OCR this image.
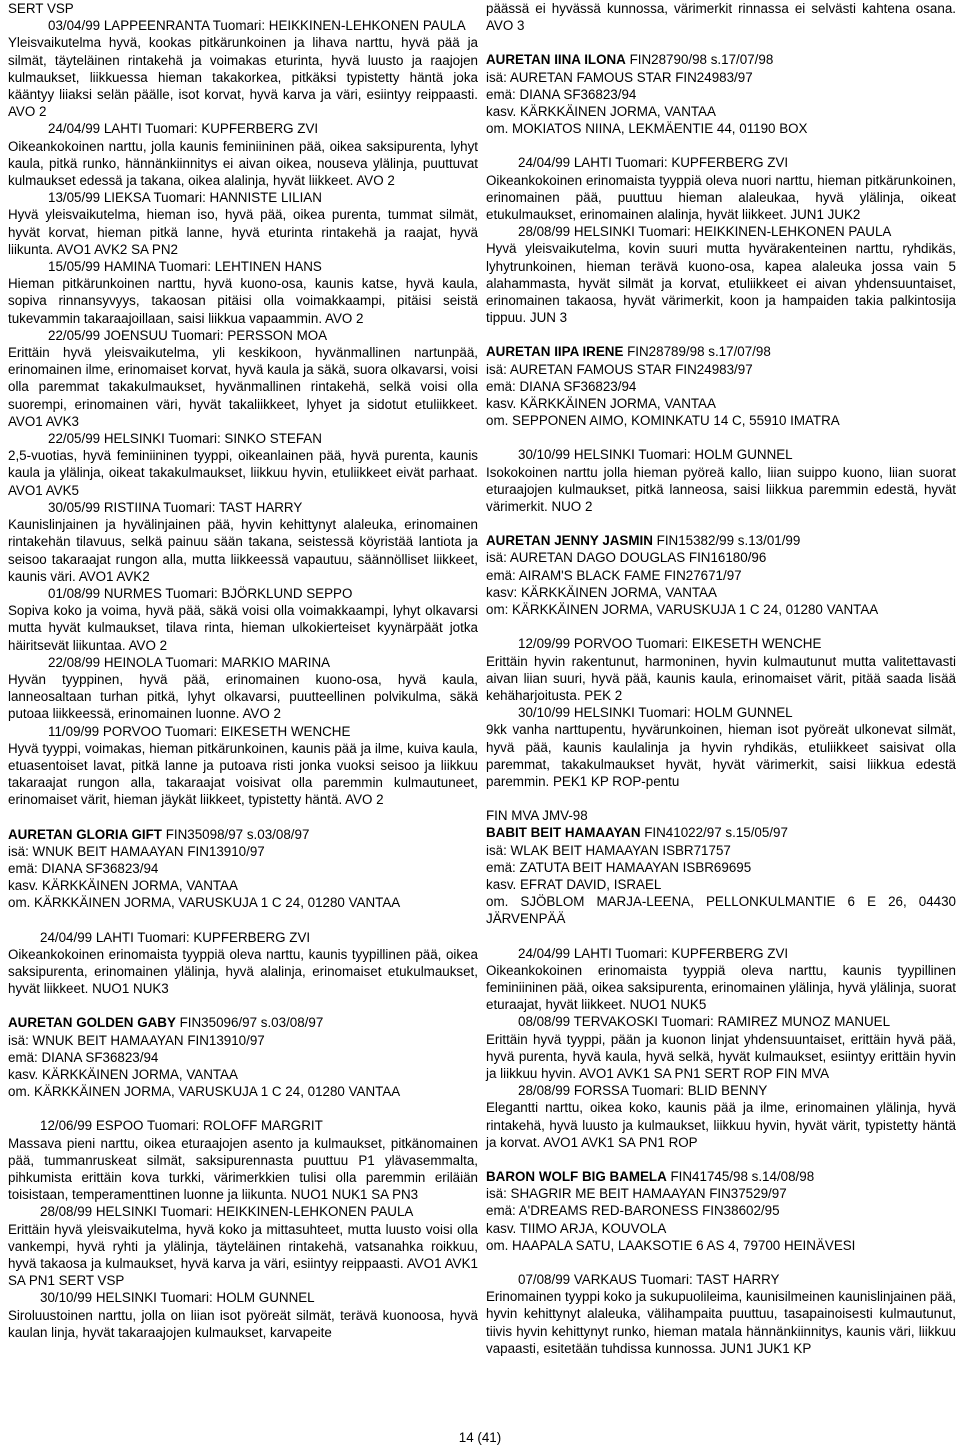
SERT VSP

03/04/99 LAPPEENRANTA Tuomari: HEIKKINEN-LEHKONEN PAULA

Yleisvaikutelma hyvä, kookas pitkärunkoinen ja lihava narttu, hyvä pää ja silmät, täyteläinen rintakehä ja voimakas eturinta, hyvä luusto ja raajojen kulmaukset, liikkuessa hieman takakorkea, pitkäksi typistetty häntä joka kääntyy liiaksi selän päälle, isot korvat, hyvä karva ja väri, esiintyy reippaasti. AVO 2

24/04/99 LAHTI Tuomari: KUPFERBERG ZVI

Oikeankokoinen narttu, jolla kaunis feminiininen pää, oikea saksipurenta, lyhyt kaula, pitkä runko, hännänkiinnitys ei aivan oikea, nouseva ylälinja, puuttuvat kulmaukset edessä ja takana, oikea alalinja, hyvät liikkeet. AVO 2

13/05/99 LIEKSA Tuomari: HANNISTE LILIAN

Hyvä yleisvaikutelma, hieman iso, hyvä pää, oikea purenta, tummat silmät, hyvät korvat, hieman pitkä lanne, hyvä eturinta rintakehä ja raajat, hyvä liikunta. AVO1 AVK2 SA PN2

15/05/99 HAMINA Tuomari: LEHTINEN HANS

Hieman pitkärunkoinen narttu, hyvä kuono-osa, kaunis katse, hyvä kaula, sopiva rinnansyvyys, takaosan pitäisi olla voimakkaampi, pitäisi seistä tukevammin takaraajoillaan, saisi liikkua vapaammin. AVO 2

22/05/99 JOENSUU Tuomari: PERSSON MOA

Erittäin hyvä yleisvaikutelma, yli keskikoon, hyvänmallinen nartunpää, erinomainen ilme, erinomaiset korvat, hyvä kaula ja säkä, suora olkavarsi, voisi olla paremmat takakulmaukset, hyvänmallinen rintakehä, selkä voisi olla suorempi, erinomainen väri, hyvät takaliikkeet, lyhyet ja sidotut etuliikkeet. AVO1 AVK3

22/05/99 HELSINKI Tuomari: SINKO STEFAN

2,5-vuotias, hyvä feminiininen tyyppi, oikeanlainen pää, hyvä purenta, kaunis kaula ja ylälinja, oikeat takakulmaukset, liikkuu hyvin, etuliikkeet eivät parhaat. AVO1 AVK5

30/05/99 RISTIINA Tuomari: TAST HARRY

Kaunislinjainen ja hyvälinjainen pää, hyvin kehittynyt alaleuka, erinomainen rintakehän tilavuus, selkä painuu sään takana, seistessä köyristää lantiota ja seisoo takaraajat rungon alla, mutta liikkeessä vapautuu, säännölliset liikkeet, kaunis väri. AVO1 AVK2

01/08/99 NURMES Tuomari: BJÖRKLUND SEPPO

Sopiva koko ja voima, hyvä pää, säkä voisi olla voimakkaampi, lyhyt olkavarsi mutta hyvät kulmaukset, tilava rinta, hieman ulkokierteiset kyynärpäät jotka häiritsevät liikuntaa. AVO 2

22/08/99 HEINOLA Tuomari: MARKIO MARINA

Hyvän tyyppinen, hyvä pää, erinomainen kuono-osa, hyvä kaula, lanneosaltaan turhan pitkä, lyhyt olkavarsi, puutteellinen polvikulma, säkä putoaa liikkeessä, erinomainen luonne. AVO 2

11/09/99 PORVOO Tuomari: EIKESETH WENCHE

Hyvä tyyppi, voimakas, hieman pitkärunkoinen, kaunis pää ja ilme, kuiva kaula, etuasentoiset lavat, pitkä lanne ja putoava risti jonka vuoksi seisoo ja liikkuu takaraajat rungon alla, takaraajat voisivat olla paremmin kulmautuneet, erinomaiset värit, hieman jäykät liikkeet, typistetty häntä. AVO 2

AURETAN GLORIA GIFT FIN35098/97 s.03/08/97

isä: WNUK BEIT HAMAAYAN FIN13910/97

emä: DIANA SF36823/94

kasv. KÄRKKÄINEN JORMA, VANTAA

om. KÄRKKÄINEN JORMA, VARUSKUJA 1 C 24, 01280 VANTAA

24/04/99 LAHTI Tuomari: KUPFERBERG ZVI

Oikeankokoinen erinomaista tyyppiä oleva narttu, kaunis tyypillinen pää, oikea saksipurenta, erinomainen ylälinja, hyvä alalinja, erinomaiset etukulmaukset, hyvät liikkeet. NUO1 NUK3

AURETAN GOLDEN GABY FIN35096/97 s.03/08/97

isä: WNUK BEIT HAMAAYAN FIN13910/97

emä: DIANA SF36823/94

kasv. KÄRKKÄINEN JORMA, VANTAA

om. KÄRKKÄINEN JORMA, VARUSKUJA 1 C 24, 01280 VANTAA

12/06/99 ESPOO Tuomari: ROLOFF MARGRIT

Massava pieni narttu, oikea eturaajojen asento ja kulmaukset, pitkänomainen pää, tummanruskeat silmät, saksipurennasta puuttuu P1 ylävasemmalta, pihkumista erittäin kova turkki, värimerkkien tulisi olla paremmin eriläiän toisistaan, temperamenttinen luonne ja liikunta. NUO1 NUK1 SA PN3

28/08/99 HELSINKI Tuomari: HEIKKINEN-LEHKONEN PAULA

Erittäin hyvä yleisvaikutelma, hyvä koko ja mittasuhteet, mutta luusto voisi olla vankempi, hyvä ryhti ja ylälinja, täyteläinen rintakehä, vatsanahka roikkuu, hyvä takaosa ja kulmaukset, hyvä karva ja väri, esiintyy reippaasti. AVO1 AVK1 SA PN1 SERT VSP

30/10/99 HELSINKI Tuomari: HOLM GUNNEL

Siroluustoinen narttu, jolla on liian isot pyöreät silmät, terävä kuonoosa, hyvä kaulan linja, hyvät takaraajojen kulmaukset, karvapeite

päässä ei hyvässä kunnossa, värimerkit rinnassa ei selvästi kahtena osana. AVO 3

AURETAN IINA ILONA FIN28790/98 s.17/07/98

isä: AURETAN FAMOUS STAR FIN24983/97

emä: DIANA SF36823/94

kasv. KÄRKKÄINEN JORMA, VANTAA

om. MOKIATOS NIINA, LEKMÄENTIE 44, 01190 BOX

24/04/99 LAHTI Tuomari: KUPFERBERG ZVI

Oikeankokoinen erinomaista tyyppiä oleva nuori narttu, hieman pitkärunkoinen, erinomainen pää, puuttuu hieman alaleukaa, hyvä ylälinja, oikeat etukulmaukset, erinomainen alalinja, hyvät liikkeet. JUN1 JUK2

28/08/99 HELSINKI Tuomari: HEIKKINEN-LEHKONEN PAULA

Hyvä yleisvaikutelma, kovin suuri mutta hyvärakenteinen narttu, ryhdikäs, lyhytrunkoinen, hieman terävä kuono-osa, kapea alaleuka jossa vain 5 alahammasta, hyvät silmät ja korvat, etuliikkeet ei aivan yhdensuuntaiset, erinomainen takaosa, hyvät värimerkit, koon ja hampaiden takia palkintosija tippuu. JUN 3

AURETAN IIPA IRENE FIN28789/98 s.17/07/98

isä: AURETAN FAMOUS STAR FIN24983/97

emä: DIANA SF36823/94

kasv. KÄRKKÄINEN JORMA, VANTAA

om. SEPPONEN AIMO, KOMINKATU 14 C, 55910 IMATRA

30/10/99 HELSINKI Tuomari: HOLM GUNNEL

Isokokoinen narttu jolla hieman pyöreä kallo, liian suippo kuono, liian suorat eturaajojen kulmaukset, pitkä lanneosa, saisi liikkua paremmin edestä, hyvät värimerkit. NUO 2

AURETAN JENNY JASMIN FIN15382/99 s.13/01/99

isä: AURETAN DAGO DOUGLAS FIN16180/96

emä: AIRAM'S BLACK FAME FIN27671/97

kasv: KÄRKKÄINEN JORMA, VANTAA

om: KÄRKKÄINEN JORMA, VARUSKUJA 1 C 24, 01280 VANTAA

12/09/99 PORVOO Tuomari: EIKESETH WENCHE

Erittäin hyvin rakentunut, harmoninen, hyvin kulmautunut mutta valitettavasti aivan liian suuri, hyvä pää, kaunis kaula, erinomaiset värit, pitää saada lisää kehäharjoitusta. PEK 2

30/10/99 HELSINKI Tuomari: HOLM GUNNEL

9kk vanha narttupentu, hyvärunkoinen, hieman isot pyöreät ulkonevat silmät, hyvä pää, kaunis kaulalinja ja hyvin ryhdikäs, etuliikkeet saisivat olla paremmat, takakulmaukset hyvät, hyvät värimerkit, saisi liikkua edestä paremmin. PEK1 KP ROP-pentu

FIN MVA JMV-98

BABIT BEIT HAMAAYAN FIN41022/97 s.15/05/97

isä: WLAK BEIT HAMAAYAN ISBR71757

emä: ZATUTA BEIT HAMAAYAN ISBR69695

kasv. EFRAT DAVID, ISRAEL

om. SJÖBLOM MARJA-LEENA, PELLONKULMANTIE 6 E 26, 04430 JÄRVENPÄÄ

24/04/99 LAHTI Tuomari: KUPFERBERG ZVI

Oikeankokoinen erinomaista tyyppiä oleva narttu, kaunis tyypillinen feminiininen pää, oikea saksipurenta, erinomainen ylälinja, hyvä ylälinja, suorat eturaajat, hyvät liikkeet. NUO1 NUK5

08/08/99 TERVAKOSKI Tuomari: RAMIREZ MUNOZ MANUEL

Erittäin hyvä tyyppi, pään ja kuonon linjat yhdensuuntaiset, erittäin hyvä pää, hyvä purenta, hyvä kaula, hyvä selkä, hyvät kulmaukset, esiintyy erittäin hyvin ja liikkuu hyvin. AVO1 AVK1 SA PN1 SERT ROP FIN MVA

28/08/99 FORSSA Tuomari: BLID BENNY

Elegantti narttu, oikea koko, kaunis pää ja ilme, erinomainen ylälinja, hyvä rintakehä, hyvä luusto ja kulmaukset, liikkuu hyvin, hyvät värit, typistetty häntä ja korvat. AVO1 AVK1 SA PN1 ROP

BARON WOLF BIG BAMELA FIN41745/98 s.14/08/98

isä: SHAGRIR ME BEIT HAMAAYAN FIN37529/97

emä: A'DREAMS RED-BARONESS FIN38602/95

kasv. TIIMO ARJA, KOUVOLA

om. HAAPALA SATU, LAAKSOTIE 6 AS 4, 79700 HEINÄVESI

07/08/99 VARKAUS Tuomari: TAST HARRY

Erinomainen tyyppi koko ja sukupuolileima, kaunisilmeinen kaunislinjainen pää, hyvin kehittynyt alaleuka, välihampaita puuttuu, tasapainoisesti kulmautunut, tiivis hyvin kehittynyt runko, hieman matala hännänkiinnitys, kaunis väri, liikkuu vapaasti, esitetään tuhdissa kunnossa. JUN1 JUK1 KP

14 (41)
